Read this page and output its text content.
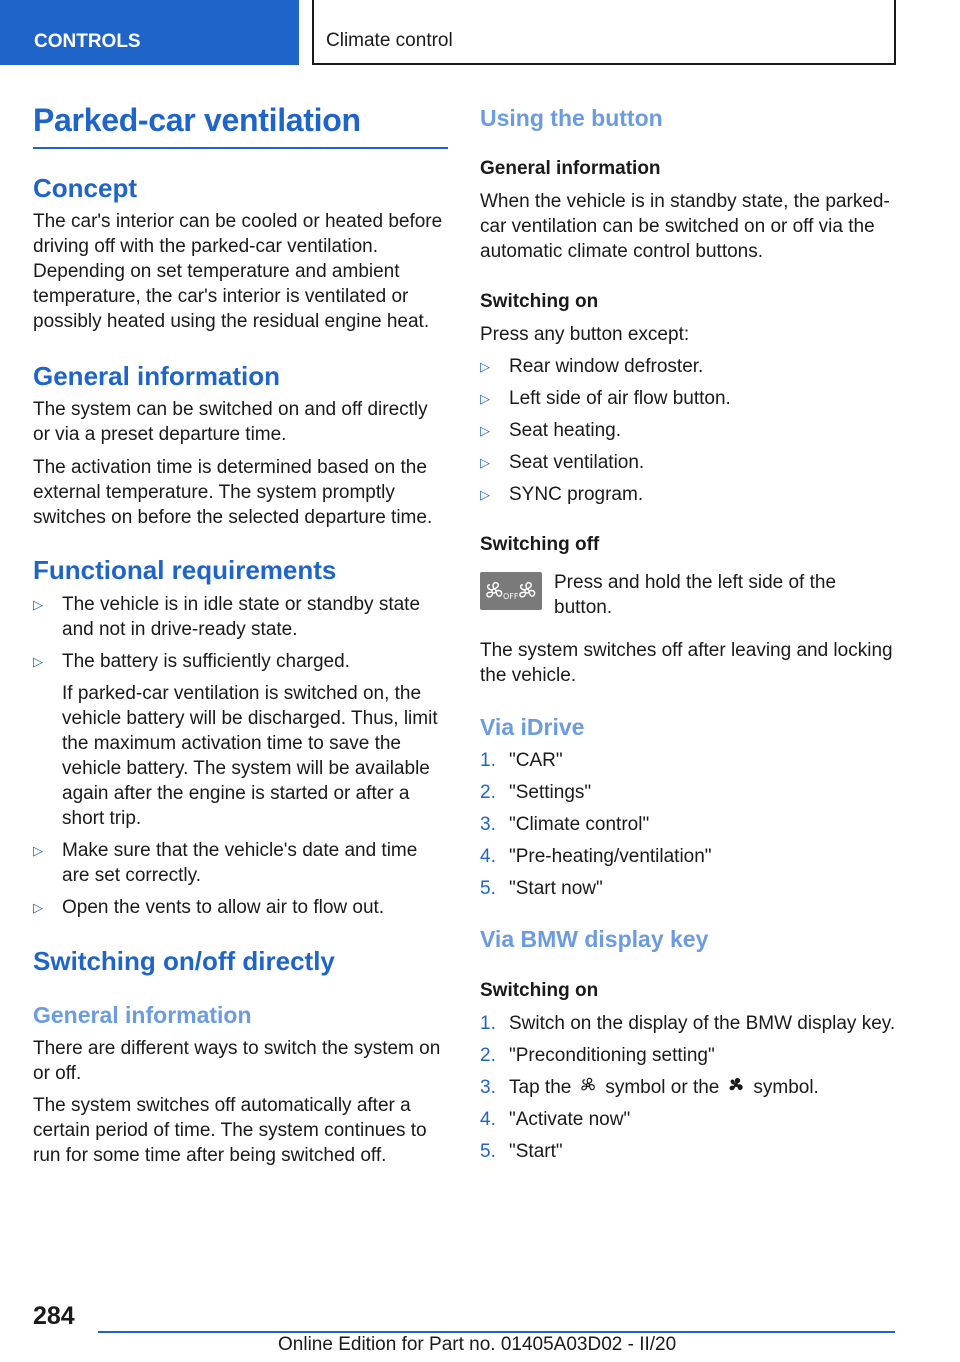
CONTROLS	Climate control
Parked-car ventilation
Concept

The car's interior can be cooled or heated before driving off with the parked-car ventilation. Depending on set temperature and ambient temperature, the car's interior is ventilated or possibly heated using the residual engine heat.

General information

The system can be switched on and off directly or via a preset departure time.

The activation time is determined based on the external temperature. The system promptly switches on before the selected departure time.

Functional requirements
▷	The vehicle is in idle state or standby state and not in drive-ready state.
▷	The battery is sufficiently charged.

If parked-car ventilation is switched on, the vehicle battery will be discharged. Thus, limit the maximum activation time to save the vehicle battery. The system will be available again after the engine is started or after a short trip.

▷	Make sure that the vehicle's date and time are set correctly.
▷	Open the vents to allow air to flow out.
Switching on/off directly
General information

There are different ways to switch the system on or off.

The system switches off automatically after a certain period of time. The system continues to run for some time after being switched off.

Using the button
General information

When the vehicle is in standby state, the parked-car ventilation can be switched on or off via the automatic climate control buttons.

Switching on

Press any button except:

▷	Rear window defroster.
▷	Left side of air flow button.
▷	Seat heating.
▷	Seat ventilation.
▷	SYNC program.
Switching off
OFF

Press and hold the left side of the button.

The system switches off after leaving and locking the vehicle.

Via iDrive
1. "CAR"
2. "Settings"
3. "Climate control"
4. "Pre-heating/ventilation"
5. "Start now"
Via BMW display key
Switching on
1. Switch on the display of the BMW display key.
2. "Preconditioning setting"
3. Tap the symbol or the symbol.
4. "Activate now"
5. "Start"
284
Online Edition for Part no. 01405A03D02 - II/20
